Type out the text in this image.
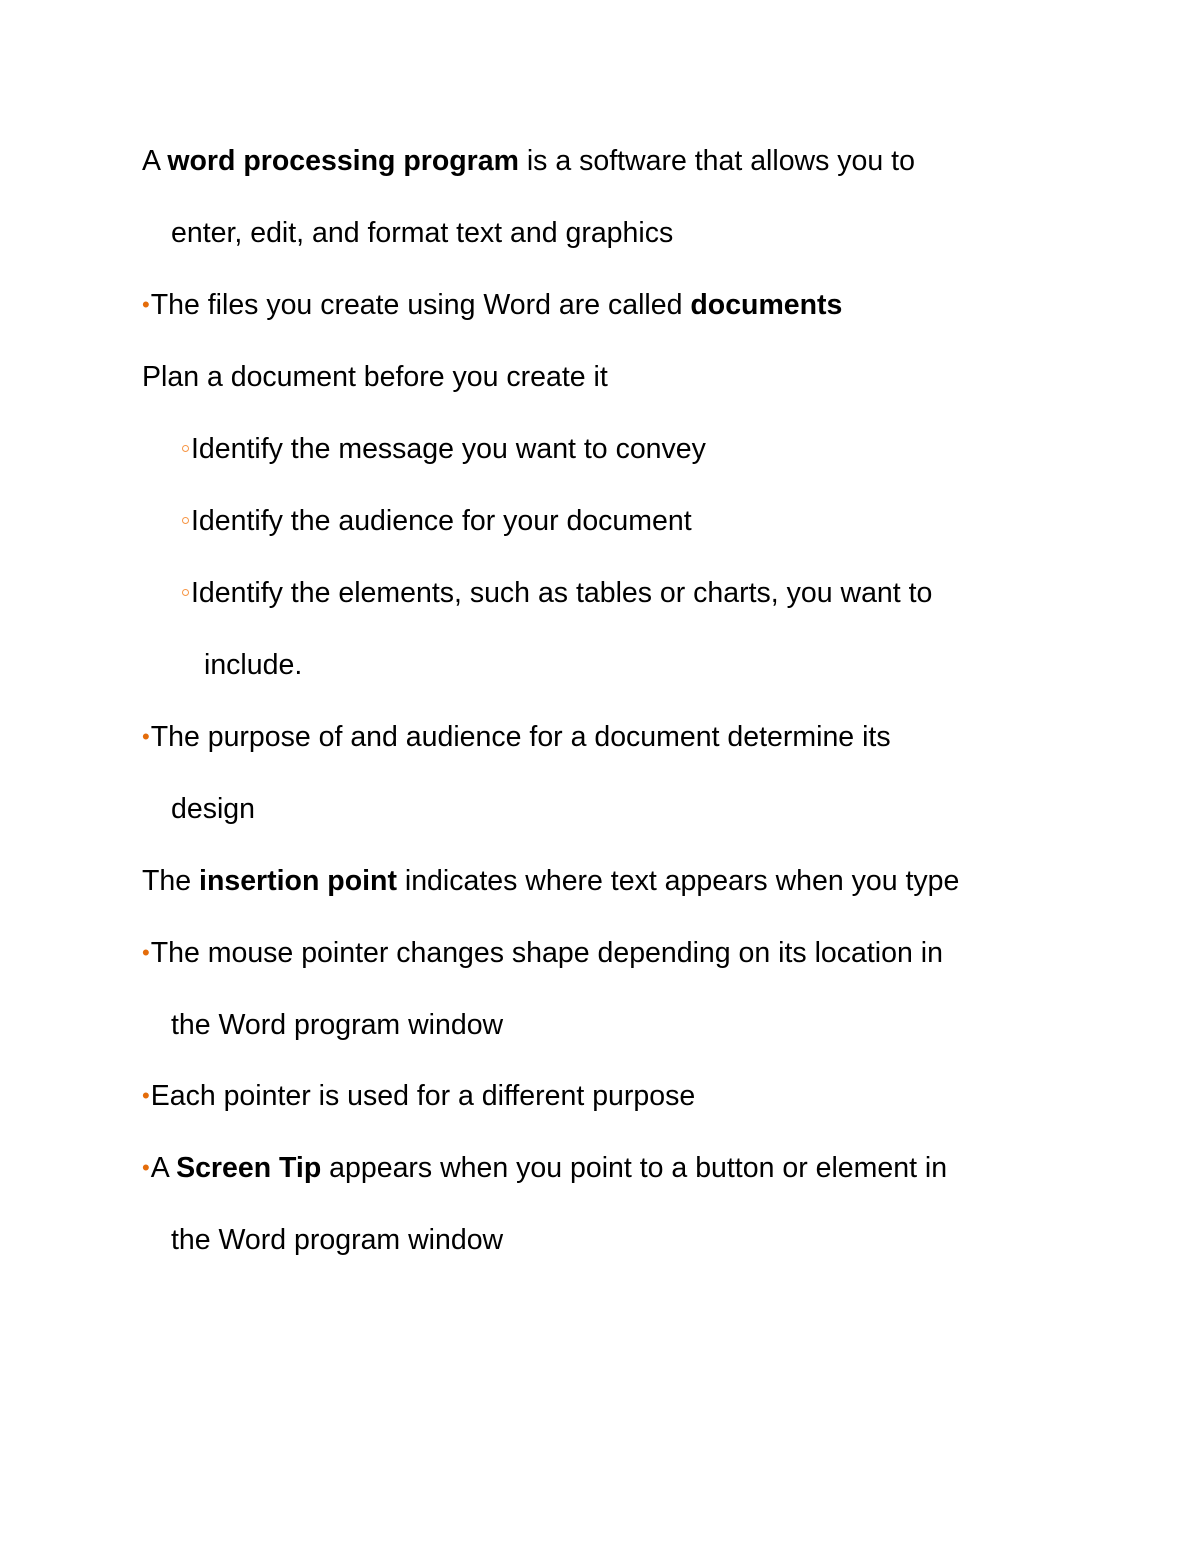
A word processing program is a software that allows you to
enter, edit, and format text and graphics
•The files you create using Word are called documents
Plan a document before you create it
Identify the message you want to convey
Identify the audience for your document
Identify the elements, such as tables or charts, you want to
include.
•The purpose of and audience for a document determine its
design
The insertion point indicates where text appears when you type
•The mouse pointer changes shape depending on its location in
the Word program window
•Each pointer is used for a different purpose
•A Screen Tip appears when you point to a button or element in
the Word program window
